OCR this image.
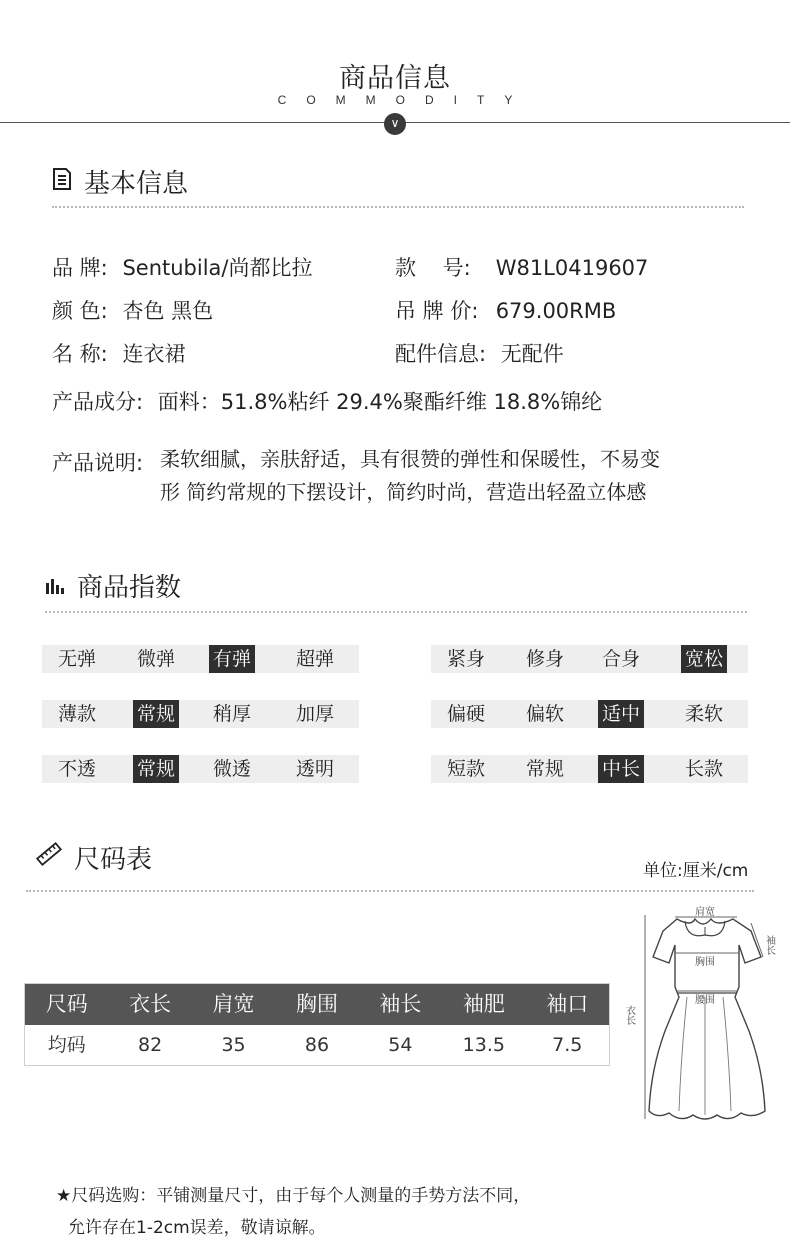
商品信息
COMMODITY
∨
基本信息
品 牌: Sentubila/尚都比拉	款 号: W81L0419607
颜 色: 杏色 黑色	吊 牌 价: 679.00RMB
名 称: 连衣裙	配件信息: 无配件
产品成分: 面料：51.8%粘纤 29.4%聚酯纤维 18.8%锦纶
产品说明: 柔软细腻，亲肤舒适，具有很赞的弹性和保暖性，不易变
形 简约常规的下摆设计，简约时尚，营造出轻盈立体感
商品指数
无弹 微弹 有弹 超弹	紧身 修身 合身 宽松
薄款 常规 稍厚 加厚	偏硬 偏软 适中 柔软
不透 常规 微透 透明	短款 常规 中长 长款
尺码表	单位:厘米/cm
尺码	衣长	肩宽	胸围	袖长	袖肥	袖口
均码	82	35	86	54	13.5	7.5
肩宽
胸围
腰围
衣长
袖长
★尺码选购：平铺测量尺寸，由于每个人测量的手势方法不同，
允许存在1-2cm误差，敬请谅解。
